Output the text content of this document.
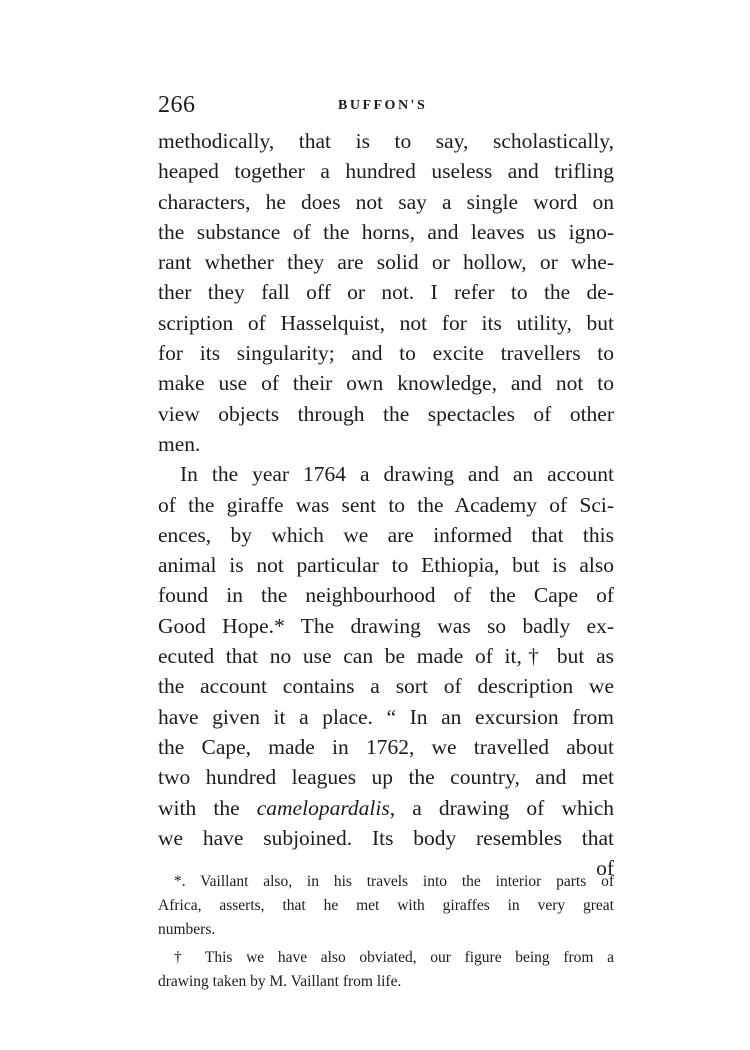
266	BUFFON'S
methodically, that is to say, scholastically,
heaped together a hundred useless and trifling
characters, he does not say a single word on
the substance of the horns, and leaves us igno-
rant whether they are solid or hollow, or whe-
ther they fall off or not. I refer to the de-
scription of Hasselquist, not for its utility, but
for its singularity; and to excite travellers to
make use of their own knowledge, and not to
view objects through the spectacles of other
men.
In the year 1764 a drawing and an account
of the giraffe was sent to the Academy of Sci-
ences, by which we are informed that this
animal is not particular to Ethiopia, but is also
found in the neighbourhood of the Cape of
Good Hope.* The drawing was so badly ex-
ecuted that no use can be made of it,† but as
the account contains a sort of description we
have given it a place. “ In an excursion from
the Cape, made in 1762, we travelled about
two hundred leagues up the country, and met
with the camelopardalis, a drawing of which
we have subjoined. Its body resembles that
of
*. Vaillant also, in his travels into the interior parts of
Africa, asserts, that he met with giraffes in very great
numbers.
† This we have also obviated, our figure being from a
drawing taken by M. Vaillant from life.
